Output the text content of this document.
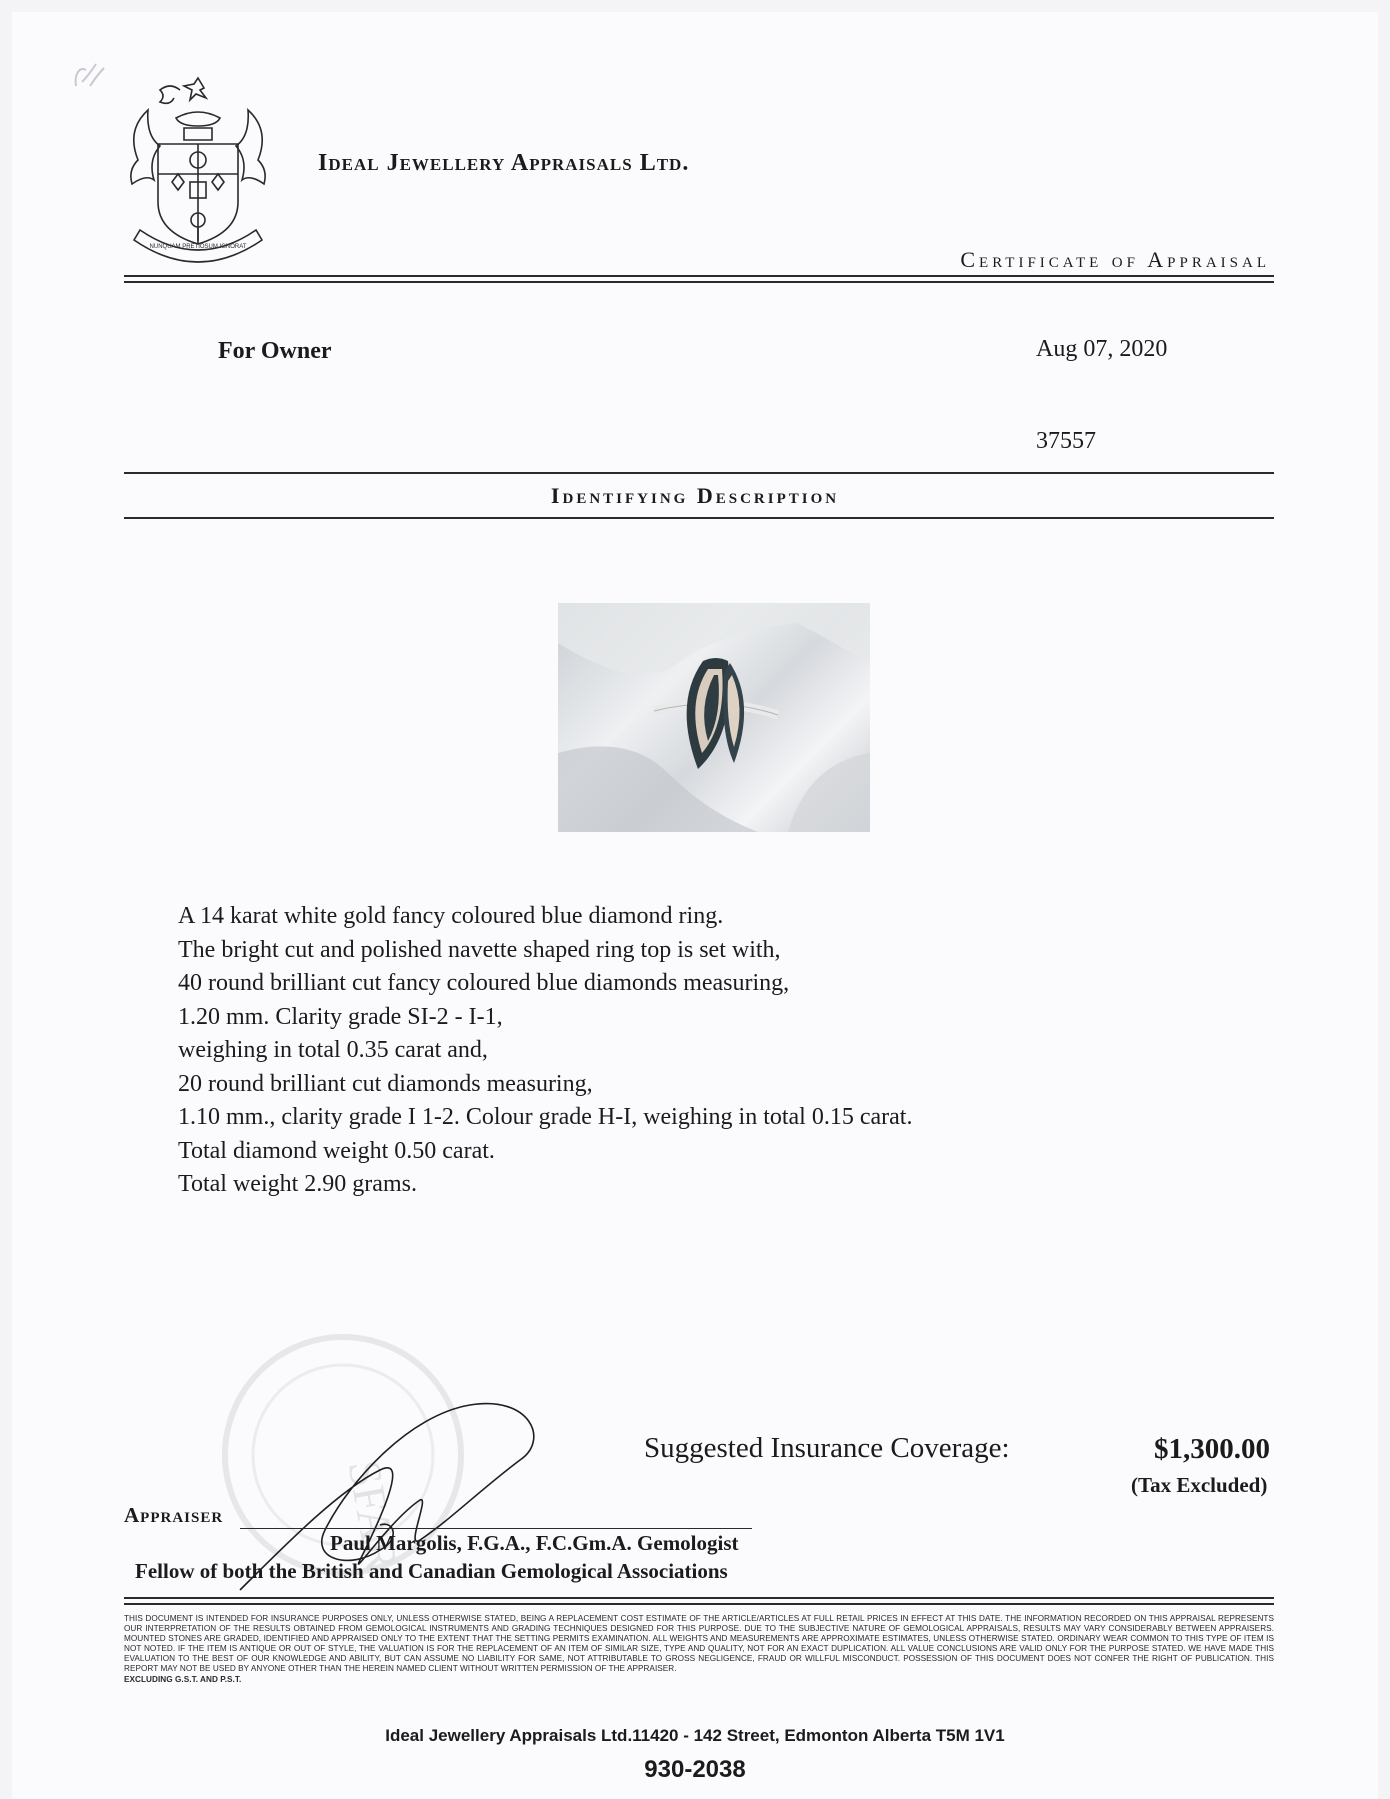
NUNQUAM PRETIOSUM IGNORAT
Ideal Jewellery Appraisals Ltd.
Certificate of Appraisal
For Owner	Aug 07, 2020
37557
Identifying Description
A 14 karat white gold fancy coloured blue diamond ring.
The bright cut and polished navette shaped ring top is set with,
40 round brilliant cut fancy coloured blue diamonds measuring,
1.20 mm. Clarity grade SI-2 - I-1,
weighing in total 0.35 carat and,
20 round brilliant cut diamonds measuring,
1.10 mm., clarity grade I 1-2. Colour grade H-I, weighing in total 0.15 carat.
Total diamond weight 0.50 carat.
Total weight 2.90 grams.
SFAR
Suggested Insurance Coverage:	$1,300.00
(Tax Excluded)
Appraiser
Paul Margolis, F.G.A., F.C.Gm.A. Gemologist
Fellow of both the British and Canadian Gemological Associations
THIS DOCUMENT IS INTENDED FOR INSURANCE PURPOSES ONLY, UNLESS OTHERWISE STATED, BEING A REPLACEMENT COST ESTIMATE OF THE ARTICLE/ARTICLES AT FULL RETAIL PRICES IN EFFECT AT THIS DATE. THE INFORMATION RECORDED ON THIS APPRAISAL REPRESENTS OUR INTERPRETATION OF THE RESULTS OBTAINED FROM GEMOLOGICAL INSTRUMENTS AND GRADING TECHNIQUES DESIGNED FOR THIS PURPOSE. DUE TO THE SUBJECTIVE NATURE OF GEMOLOGICAL APPRAISALS, RESULTS MAY VARY CONSIDERABLY BETWEEN APPRAISERS. MOUNTED STONES ARE GRADED, IDENTIFIED AND APPRAISED ONLY TO THE EXTENT THAT THE SETTING PERMITS EXAMINATION. ALL WEIGHTS AND MEASUREMENTS ARE APPROXIMATE ESTIMATES, UNLESS OTHERWISE STATED. ORDINARY WEAR COMMON TO THIS TYPE OF ITEM IS NOT NOTED. IF THE ITEM IS ANTIQUE OR OUT OF STYLE, THE VALUATION IS FOR THE REPLACEMENT OF AN ITEM OF SIMILAR SIZE, TYPE AND QUALITY, NOT FOR AN EXACT DUPLICATION. ALL VALUE CONCLUSIONS ARE VALID ONLY FOR THE PURPOSE STATED. WE HAVE MADE THIS EVALUATION TO THE BEST OF OUR KNOWLEDGE AND ABILITY, BUT CAN ASSUME NO LIABILITY FOR SAME, NOT ATTRIBUTABLE TO GROSS NEGLIGENCE, FRAUD OR WILLFUL MISCONDUCT. POSSESSION OF THIS DOCUMENT DOES NOT CONFER THE RIGHT OF PUBLICATION. THIS REPORT MAY NOT BE USED BY ANYONE OTHER THAN THE HEREIN NAMED CLIENT WITHOUT WRITTEN PERMISSION OF THE APPRAISER.
EXCLUDING G.S.T. AND P.S.T.
Ideal Jewellery Appraisals Ltd.11420 - 142 Street, Edmonton Alberta T5M 1V1
930-2038
